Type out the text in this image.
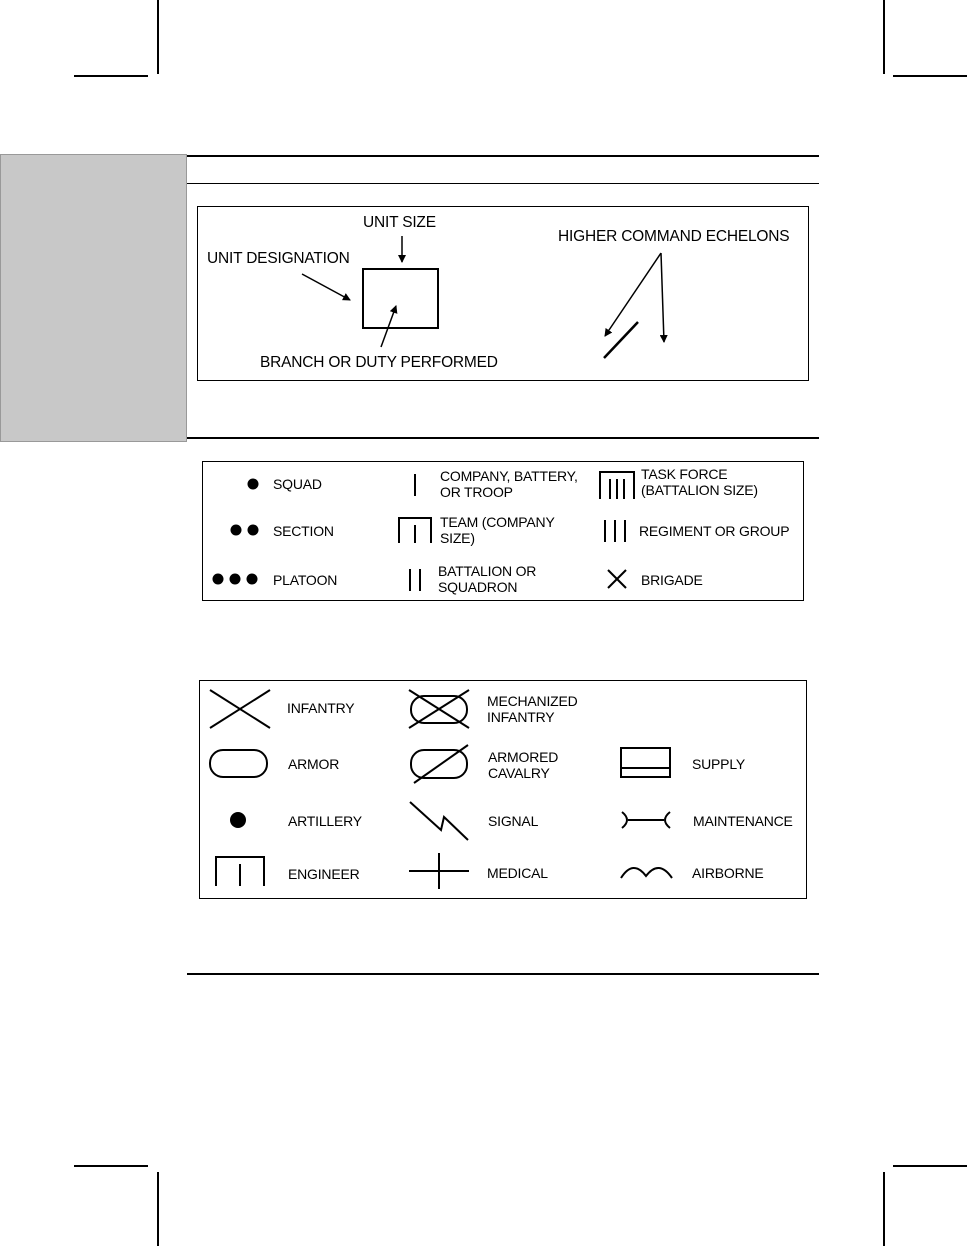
UNIT SIZE
UNIT DESIGNATION
BRANCH OR DUTY PERFORMED
HIGHER COMMAND ECHELONS
SQUAD
SECTION
PLATOON
COMPANY, BATTERY,
OR TROOP
TEAM (COMPANY
SIZE)
BATTALION OR
SQUADRON
TASK FORCE
(BATTALION SIZE)
REGIMENT OR GROUP
BRIGADE
INFANTRY
ARMOR
ARTILLERY
ENGINEER
MECHANIZED
INFANTRY
ARMORED
CAVALRY
SIGNAL
MEDICAL
SUPPLY
MAINTENANCE
AIRBORNE
